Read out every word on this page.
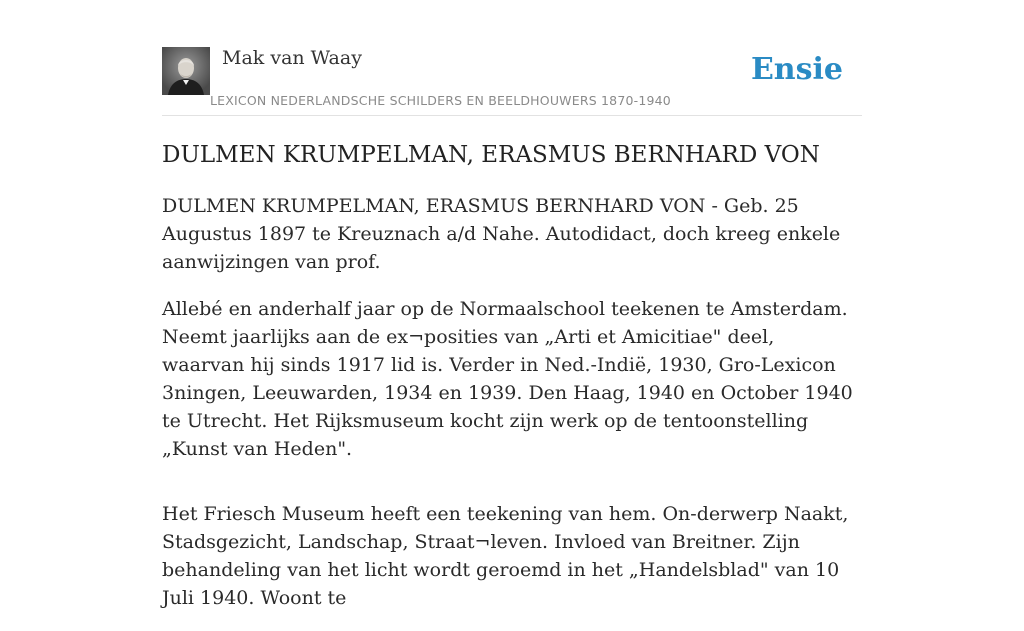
Mak van Waay
LEXICON NEDERLANDSCHE SCHILDERS EN BEELDHOUWERS 1870-1940
Ensie
DULMEN KRUMPELMAN, ERASMUS BERNHARD VON

DULMEN KRUMPELMAN, ERASMUS BERNHARD VON - Geb. 25 Augustus 1897 te Kreuznach a/d Nahe. Autodidact, doch kreeg enkele aanwijzingen van prof.

Allebé en anderhalf jaar op de Normaalschool teekenen te Amsterdam. Neemt jaarlijks aan de ex¬posities van „Arti et Amicitiae" deel, waarvan hij sinds 1917 lid is. Verder in Ned.-Indië, 1930, Gro-Lexicon 3ningen, Leeuwarden, 1934 en 1939. Den Haag, 1940 en October 1940 te Utrecht. Het Rijksmuseum kocht zijn werk op de tentoonstelling „Kunst van Heden".

Het Friesch Museum heeft een teekening van hem. On-derwerp Naakt, Stadsgezicht, Landschap, Straat¬leven. Invloed van Breitner. Zijn behandeling van het licht wordt geroemd in het „Handelsblad" van 10 Juli 1940. Woont te
